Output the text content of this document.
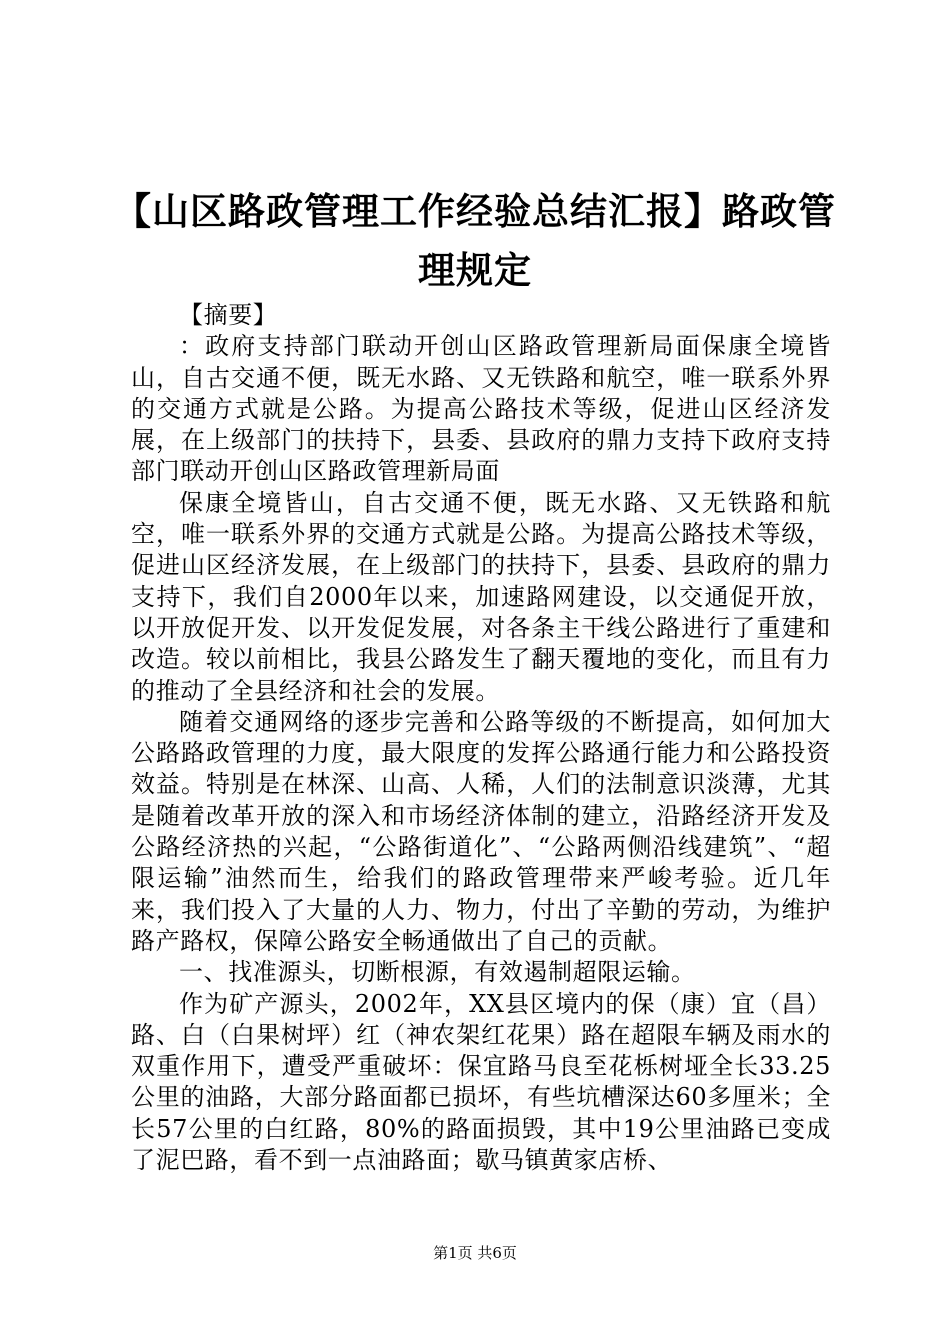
【山区路政管理工作经验总结汇报】路政管理规定

【摘要】

：政府支持部门联动开创山区路政管理新局面保康全境皆山，自古交通不便，既无水路、又无铁路和航空，唯一联系外界的交通方式就是公路。为提高公路技术等级，促进山区经济发展，在上级部门的扶持下，县委、县政府的鼎力支持下政府支持部门联动开创山区路政管理新局面

保康全境皆山，自古交通不便，既无水路、又无铁路和航空，唯一联系外界的交通方式就是公路。为提高公路技术等级，促进山区经济发展，在上级部门的扶持下，县委、县政府的鼎力支持下，我们自2000年以来，加速路网建设，以交通促开放，以开放促开发、以开发促发展，对各条主干线公路进行了重建和改造。较以前相比，我县公路发生了翻天覆地的变化，而且有力的推动了全县经济和社会的发展。

随着交通网络的逐步完善和公路等级的不断提高，如何加大公路路政管理的力度，最大限度的发挥公路通行能力和公路投资效益。特别是在林深、山高、人稀，人们的法制意识淡薄，尤其是随着改革开放的深入和市场经济体制的建立，沿路经济开发及公路经济热的兴起，“公路街道化”、“公路两侧沿线建筑”、“超限运输”油然而生，给我们的路政管理带来严峻考验。近几年来，我们投入了大量的人力、物力，付出了辛勤的劳动，为维护路产路权，保障公路安全畅通做出了自己的贡献。

一、找准源头，切断根源，有效遏制超限运输。

作为矿产源头，2002年，XX县区境内的保（康）宜（昌）路、白（白果树坪）红（神农架红花果）路在超限车辆及雨水的双重作用下，遭受严重破坏：保宜路马良至花栎树垭全长33.25公里的油路，大部分路面都已损坏，有些坑槽深达60多厘米；全长57公里的白红路，80%的路面损毁，其中19公里油路已变成了泥巴路，看不到一点油路面；歇马镇黄家店桥、

第1页 共6页
